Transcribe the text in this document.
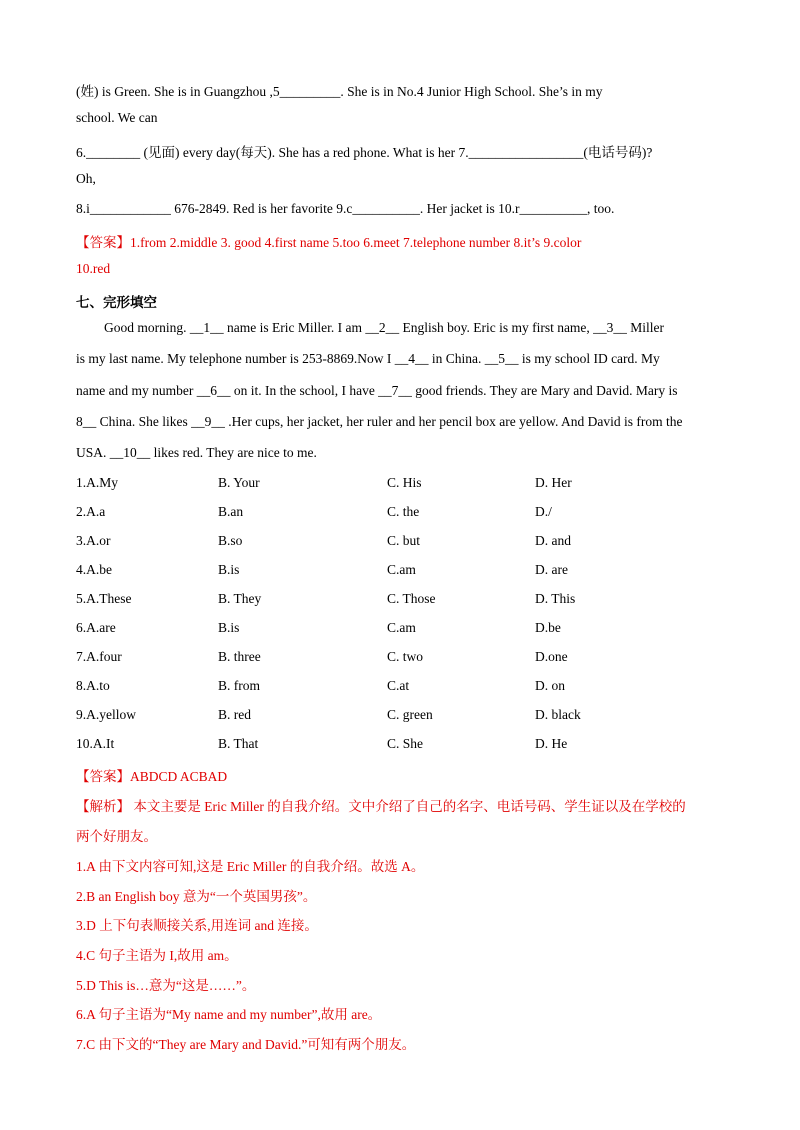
(姓) is Green. She is in Guangzhou ,5_________. She is in No.4 Junior High School. She’s in my
school. We can
6.________ (见面) every day(每天). She has a red phone. What is her 7._________________(电话号码)?
Oh,
8.i____________ 676-2849. Red is her favorite 9.c__________. Her jacket is 10.r__________, too.
【答案】1.from 2.middle 3. good 4.first name 5.too 6.meet 7.telephone number 8.it’s 9.color
10.red
七、完形填空
Good morning. __1__ name is Eric Miller. I am __2__ English boy. Eric is my first name, __3__ Miller
is my last name. My telephone number is 253-8869.Now I __4__ in China. __5__ is my school ID card. My
name and my number __6__ on it. In the school, I have __7__ good friends. They are Mary and David. Mary is
8__ China. She likes __9__ .Her cups, her jacket, her ruler and her pencil box are yellow. And David is from the
USA. __10__ likes red. They are nice to me.
1.A.My	B. Your	C. His	D. Her
2.A.a	B.an	C. the	D./
3.A.or	B.so	C. but	D. and
4.A.be	B.is	C.am	D. are
5.A.These	B. They	C. Those	D. This
6.A.are	B.is	C.am	D.be
7.A.four	B. three	C. two	D.one
8.A.to	B. from	C.at	D. on
9.A.yellow	B. red	C. green	D. black
10.A.It	B. That	C. She	D. He
【答案】ABDCD ACBAD
【解析】 本文主要是 Eric Miller 的自我介绍。文中介绍了自己的名字、电话号码、学生证以及在学校的
两个好朋友。
1.A 由下文内容可知,这是 Eric Miller 的自我介绍。故选 A。
2.B an English boy 意为“一个英国男孩”。
3.D 上下句表顺接关系,用连词 and 连接。
4.C 句子主语为 I,故用 am。
5.D This is…意为“这是……”。
6.A 句子主语为“My name and my number”,故用 are。
7.C 由下文的“They are Mary and David.”可知有两个朋友。
